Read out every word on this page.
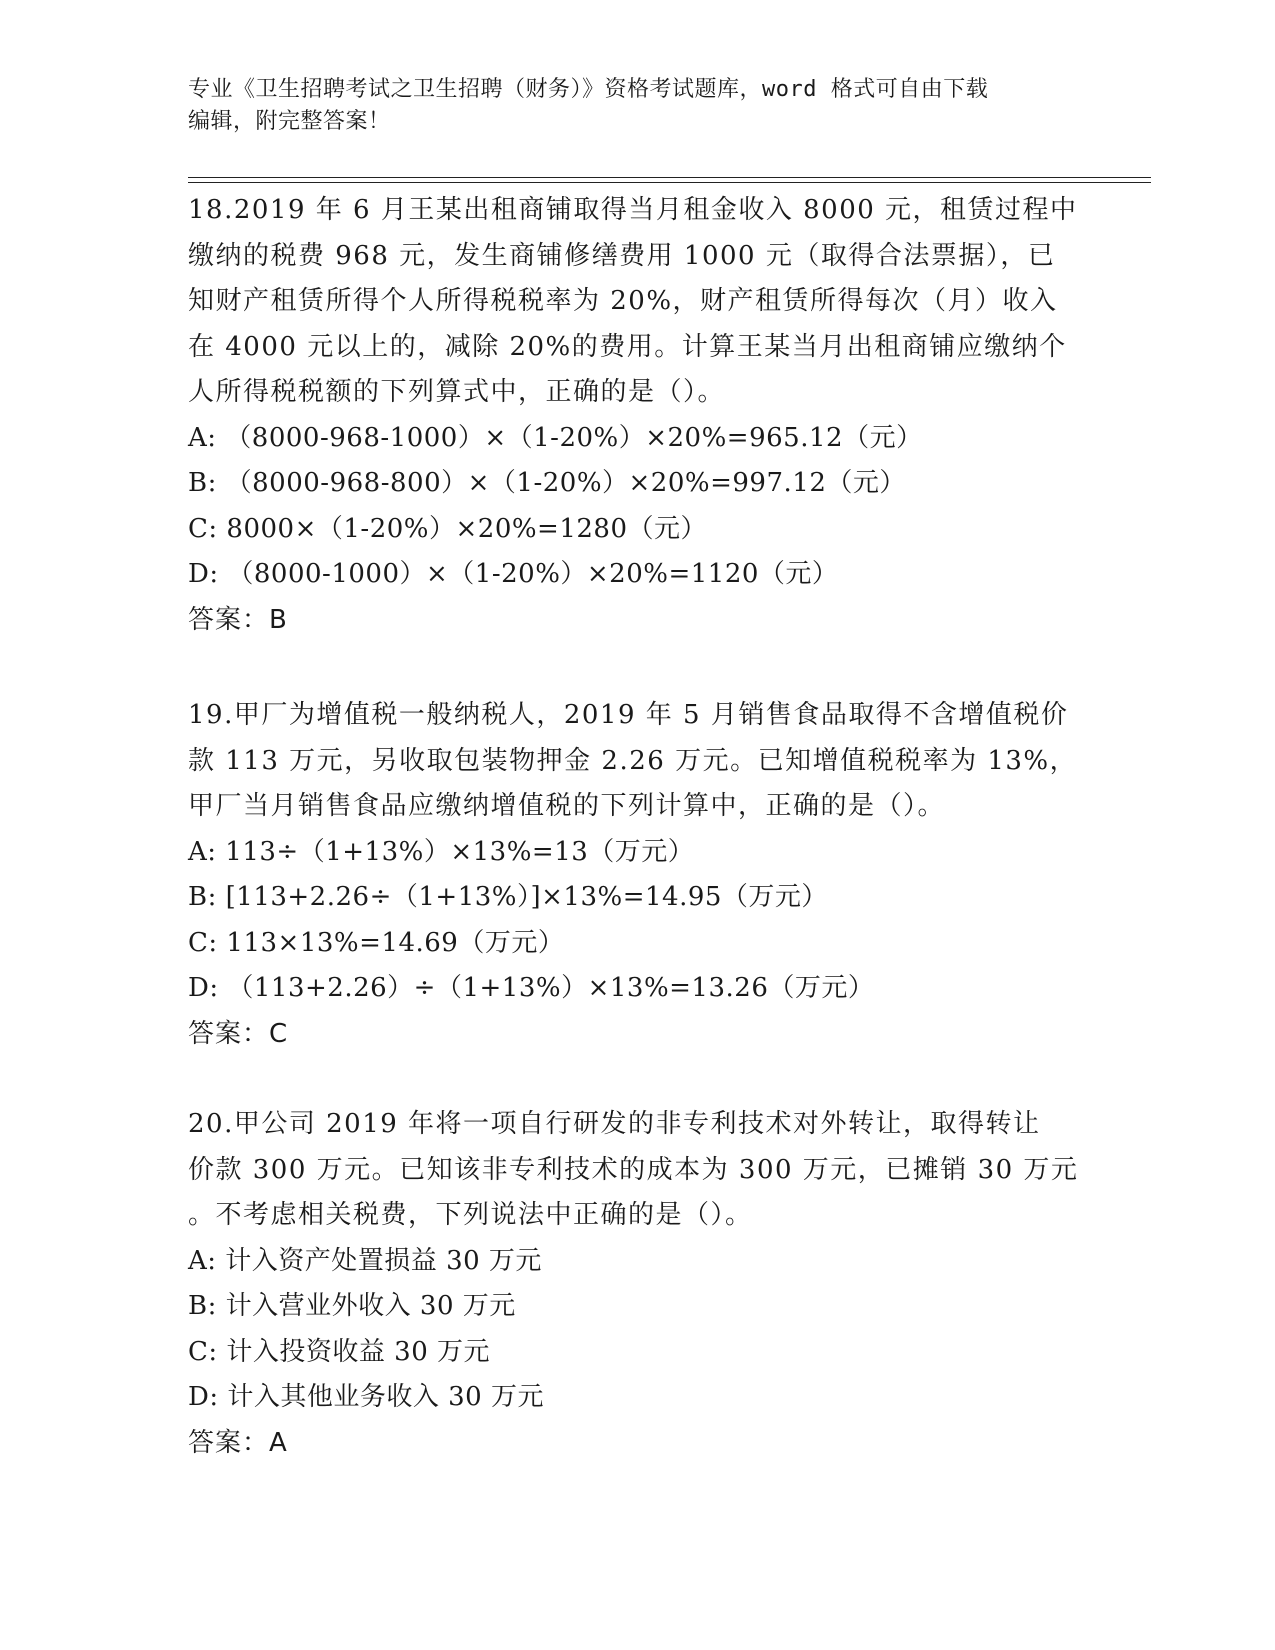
专业《卫生招聘考试之卫生招聘（财务）》资格考试题库，word 格式可自由下载
编辑，附完整答案！

18.2019 年 6 月王某出租商铺取得当月租金收入 8000 元，租赁过程中

缴纳的税费 968 元，发生商铺修缮费用 1000 元（取得合法票据），已

知财产租赁所得个人所得税税率为 20%，财产租赁所得每次（月）收入

在 4000 元以上的，减除 20%的费用。计算王某当月出租商铺应缴纳个

人所得税税额的下列算式中，正确的是（）。

A: （8000-968-1000）×（1-20%）×20%=965.12（元）

B: （8000-968-800）×（1-20%）×20%=997.12（元）

C: 8000×（1-20%）×20%=1280（元）

D: （8000-1000）×（1-20%）×20%=1120（元）

答案：B

19.甲厂为增值税一般纳税人，2019 年 5 月销售食品取得不含增值税价

款 113 万元，另收取包装物押金 2.26 万元。已知增值税税率为 13%，

甲厂当月销售食品应缴纳增值税的下列计算中，正确的是（）。

A: 113÷（1+13%）×13%=13（万元）

B: [113+2.26÷（1+13%）]×13%=14.95（万元）

C: 113×13%=14.69（万元）

D: （113+2.26）÷（1+13%）×13%=13.26（万元）

答案：C

20.甲公司 2019 年将一项自行研发的非专利技术对外转让，取得转让

价款 300 万元。已知该非专利技术的成本为 300 万元，已摊销 30 万元

。不考虑相关税费，下列说法中正确的是（）。

A: 计入资产处置损益 30 万元

B: 计入营业外收入 30 万元

C: 计入投资收益 30 万元

D: 计入其他业务收入 30 万元

答案：A
